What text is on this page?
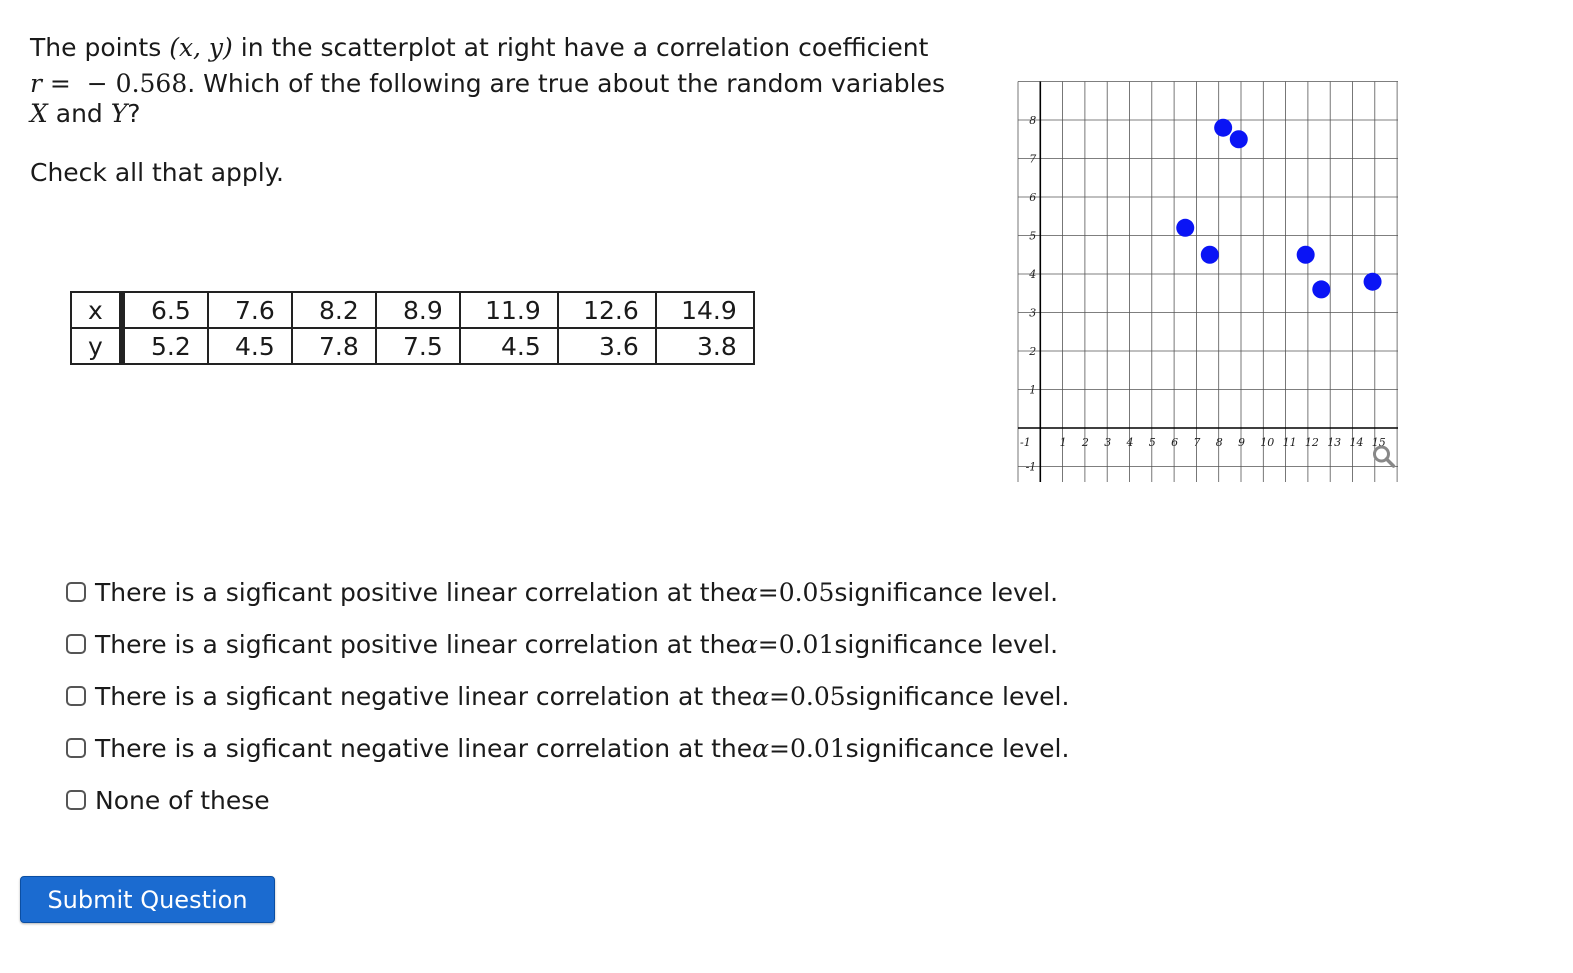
The points (x, y) in the scatterplot at right have a correlation coefficient

r = − 0.568. Which of the following are true about the random variables

X and Y?

Check all that apply.
x	6.5	7.6	8.2	8.9	11.9	12.6	14.9
y	5.2	4.5	7.8	7.5	4.5	3.6	3.8
-1	1 2 3 4 5 6 7 8 9 10 11 12 13 14 15
8
7
6
5
4
3
2
1
-1
There is a sigficant positive linear correlation at the α = 0.05 significance level.
There is a sigficant positive linear correlation at the α = 0.01 significance level.
There is a sigficant negative linear correlation at the α = 0.05 significance level.
There is a sigficant negative linear correlation at the α = 0.01 significance level.
None of these
Submit Question
